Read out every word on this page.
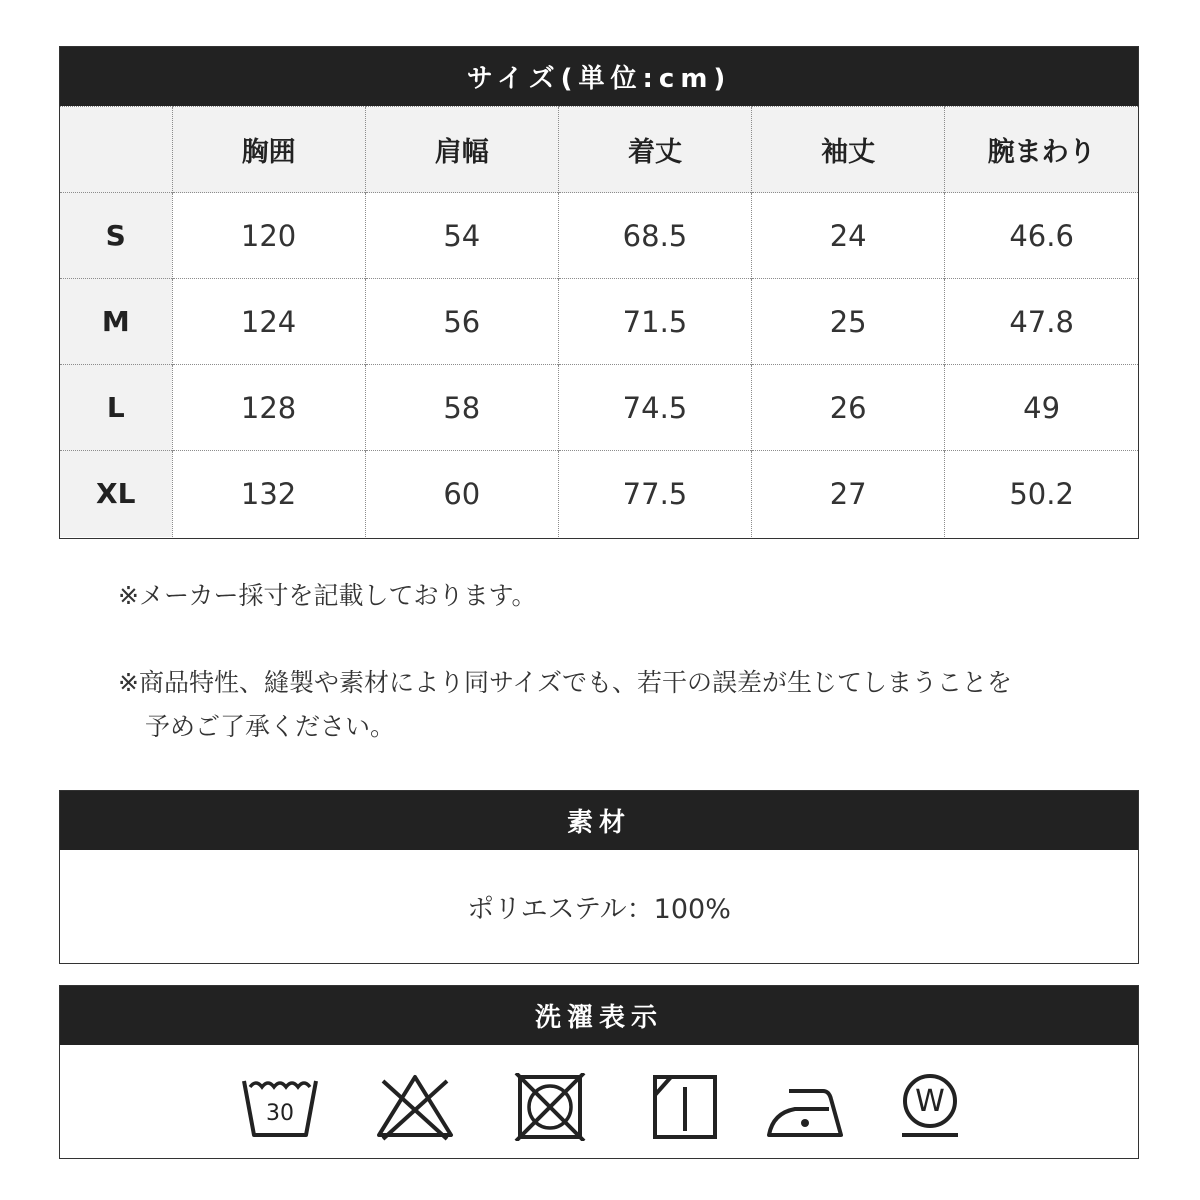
サイズ(単位:cm)
	胸囲	肩幅	着丈	袖丈	腕まわり
S	120	54	68.5	24	46.6
M	124	56	71.5	25	47.8
L	128	58	74.5	26	49
XL	132	60	77.5	27	50.2
※メーカー採寸を記載しております。
※商品特性、縫製や素材により同サイズでも、若干の誤差が生じてしまうことを
予めご了承ください。
素材
ポリエステル：100%
洗濯表示
30	W
